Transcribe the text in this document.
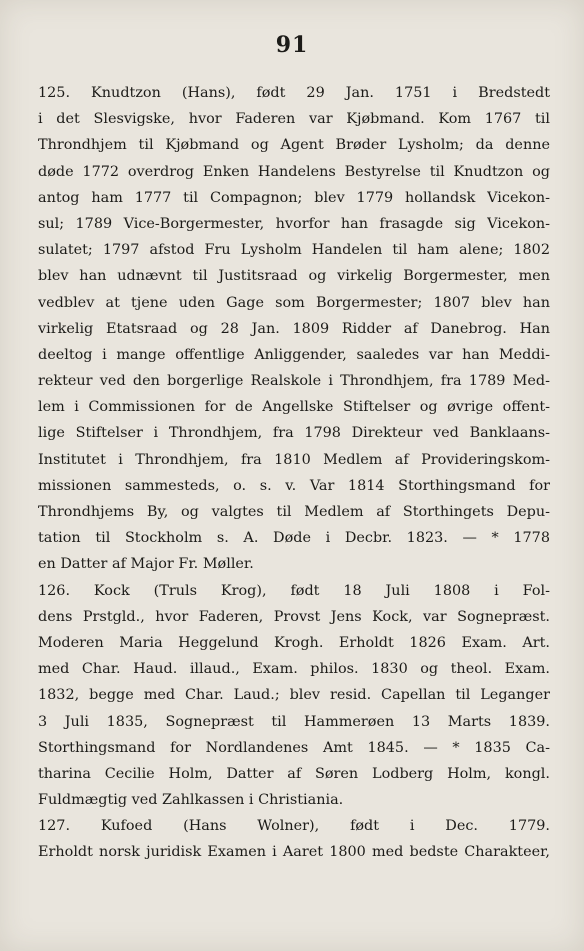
91
125. Knudtzon (Hans), født 29 Jan. 1751 i Bredstedt
i det Slesvigske, hvor Faderen var Kjøbmand. Kom 1767 til
Throndhjem til Kjøbmand og Agent Brøder Lysholm; da denne
døde 1772 overdrog Enken Handelens Bestyrelse til Knudtzon og
antog ham 1777 til Compagnon; blev 1779 hollandsk Vicekon-
sul; 1789 Vice-Borgermester, hvorfor han frasagde sig Vicekon-
sulatet; 1797 afstod Fru Lysholm Handelen til ham alene; 1802
blev han udnævnt til Justitsraad og virkelig Borgermester, men
vedblev at tjene uden Gage som Borgermester; 1807 blev han
virkelig Etatsraad og 28 Jan. 1809 Ridder af Danebrog. Han
deeltog i mange offentlige Anliggender, saaledes var han Meddi-
rekteur ved den borgerlige Realskole i Throndhjem, fra 1789 Med-
lem i Commissionen for de Angellske Stiftelser og øvrige offent-
lige Stiftelser i Throndhjem, fra 1798 Direkteur ved Banklaans-
Institutet i Throndhjem, fra 1810 Medlem af Provideringskom-
missionen sammesteds, o. s. v. Var 1814 Storthingsmand for
Throndhjems By, og valgtes til Medlem af Storthingets Depu-
tation til Stockholm s. A. Døde i Decbr. 1823. — * 1778
en Datter af Major Fr. Møller.
126. Kock (Truls Krog), født 18 Juli 1808 i Fol-
dens Prstgld., hvor Faderen, Provst Jens Kock, var Sognepræst.
Moderen Maria Heggelund Krogh. Erholdt 1826 Exam. Art.
med Char. Haud. illaud., Exam. philos. 1830 og theol. Exam.
1832, begge med Char. Laud.; blev resid. Capellan til Leganger
3 Juli 1835, Sognepræst til Hammerøen 13 Marts 1839.
Storthingsmand for Nordlandenes Amt 1845. — * 1835 Ca-
tharina Cecilie Holm, Datter af Søren Lodberg Holm, kongl.
Fuldmægtig ved Zahlkassen i Christiania.
127. Kufoed (Hans Wolner), født i Dec. 1779.
Erholdt norsk juridisk Examen i Aaret 1800 med bedste Charakteer,
